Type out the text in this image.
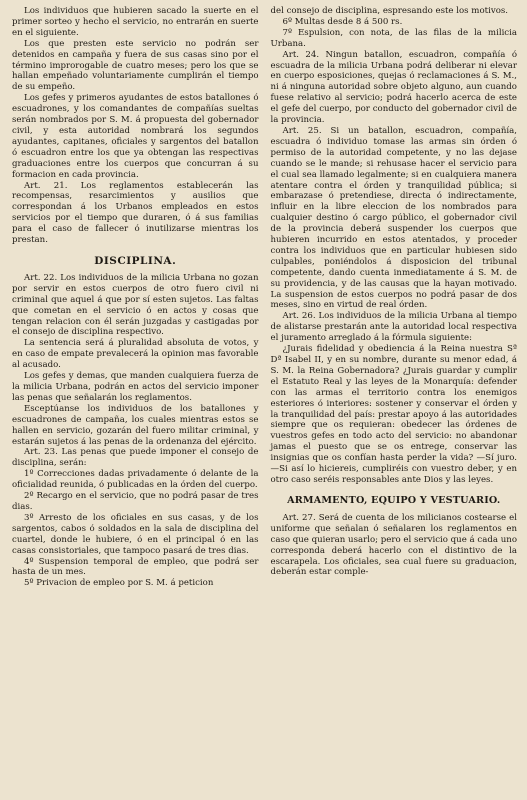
Los individuos que hubieren sacado la suerte en el primer sorteo y hecho el servicio, no entrarán en suerte en el siguiente.

Los que presten este servicio no podrán ser detenidos en campaña y fuera de sus casas sino por el término improrogable de cuatro meses; pero los que se hallan empeñado voluntariamente cumplirán el tiempo de su empeño.

Los gefes y primeros ayudantes de estos batallones ó escuadrones, y los comandantes de compañías sueltas serán nombrados por S. M. á propuesta del gobernador civil, y esta autoridad nombrará los segundos ayudantes, capitanes, oficiales y sargentos del batallon ó escuadron entre los que ya obtengan las respectivas graduaciones entre los cuerpos que concurran á su formacion en cada provincia.

Art. 21. Los reglamentos establecerán las recompensas, resarcimientos y ausilios que correspondan á los Urbanos empleados en estos servicios por el tiempo que duraren, ó á sus familias para el caso de fallecer ó inutilizarse mientras los prestan.

DISCIPLINA.

Art. 22. Los individuos de la milicia Urbana no gozan por servir en estos cuerpos de otro fuero civil ni criminal que aquel á que por sí esten sujetos. Las faltas que cometan en el servicio ó en actos y cosas que tengan relacion con él serán juzgadas y castigadas por el consejo de disciplina respectivo.

La sentencia será á pluralidad absoluta de votos, y en caso de empate prevalecerá la opinion mas favorable al acusado.

Los gefes y demas, que manden cualquiera fuerza de la milicia Urbana, podrán en actos del servicio imponer las penas que señalarán los reglamentos.

Esceptúanse los individuos de los batallones y escuadrones de campaña, los cuales mientras estos se hallen en servicio, gozarán del fuero militar criminal, y estarán sujetos á las penas de la ordenanza del ejército.

Art. 23. Las penas que puede imponer el consejo de disciplina, serán:

1º Correcciones dadas privadamente ó delante de la oficialidad reunida, ó publicadas en la órden del cuerpo.

2º Recargo en el servicio, que no podrá pasar de tres dias.

3º Arresto de los oficiales en sus casas, y de los sargentos, cabos ó soldados en la sala de disciplina del cuartel, donde le hubiere, ó en el principal ó en las casas consistoriales, que tampoco pasará de tres dias.

4º Suspension temporal de empleo, que podrá ser hasta de un mes.

5º Privacion de empleo por S. M. á peticion

del consejo de disciplina, espresando este los motivos.

6º Multas desde 8 á 500 rs.

7º Espulsion, con nota, de las filas de la milicia Urbana.

Art. 24. Ningun batallon, escuadron, compañía ó escuadra de la milicia Urbana podrá deliberar ni elevar en cuerpo esposiciones, quejas ó reclamaciones á S. M., ni á ninguna autoridad sobre objeto alguno, aun cuando fuese relativo al servicio; podrá hacerlo acerca de este el gefe del cuerpo, por conducto del gobernador civil de la provincia.

Art. 25. Si un batallon, escuadron, compañía, escuadra ó individuo tomase las armas sin órden ó permiso de la autoridad competente, y no las dejase cuando se le mande; si rehusase hacer el servicio para el cual sea llamado legalmente; si en cualquiera manera atentare contra el órden y tranquilidad pública; si embarazase ó pretendiese, directa ó indirectamente, influir en la libre eleccion de los nombrados para cualquier destino ó cargo público, el gobernador civil de la provincia deberá suspender los cuerpos que hubieren incurrido en estos atentados, y proceder contra los individuos que en particular hubiesen sido culpables, poniéndolos á disposicion del tribunal competente, dando cuenta inmediatamente á S. M. de su providencia, y de las causas que la hayan motivado. La suspension de estos cuerpos no podrá pasar de dos meses, sino en virtud de real órden.

Art. 26. Los individuos de la milicia Urbana al tiempo de alistarse prestarán ante la autoridad local respectiva el juramento arreglado á la fórmula siguiente:

¿Jurais fidelidad y obediencia á la Reina nuestra Sª Dª Isabel II, y en su nombre, durante su menor edad, á S. M. la Reina Gobernadora? ¿Jurais guardar y cumplir el Estatuto Real y las leyes de la Monarquía: defender con las armas el territorio contra los enemigos esteriores ó interiores: sostener y conservar el órden y la tranquilidad del país: prestar apoyo á las autoridades siempre que os requieran: obedecer las órdenes de vuestros gefes en todo acto del servicio: no abandonar jamas el puesto que se os entrege, conservar las insignias que os confían hasta perder la vida? —Sí juro.—Si así lo hiciereis, cumpliréis con vuestro deber, y en otro caso seréis responsables ante Dios y las leyes.

ARMAMENTO, EQUIPO Y VESTUARIO.

Art. 27. Será de cuenta de los milicianos costearse el uniforme que señalan ó señalaren los reglamentos en caso que quieran usarlo; pero el servicio que á cada uno corresponda deberá hacerlo con el distintivo de la escarapela. Los oficiales, sea cual fuere su graduacion, deberán estar comple-
